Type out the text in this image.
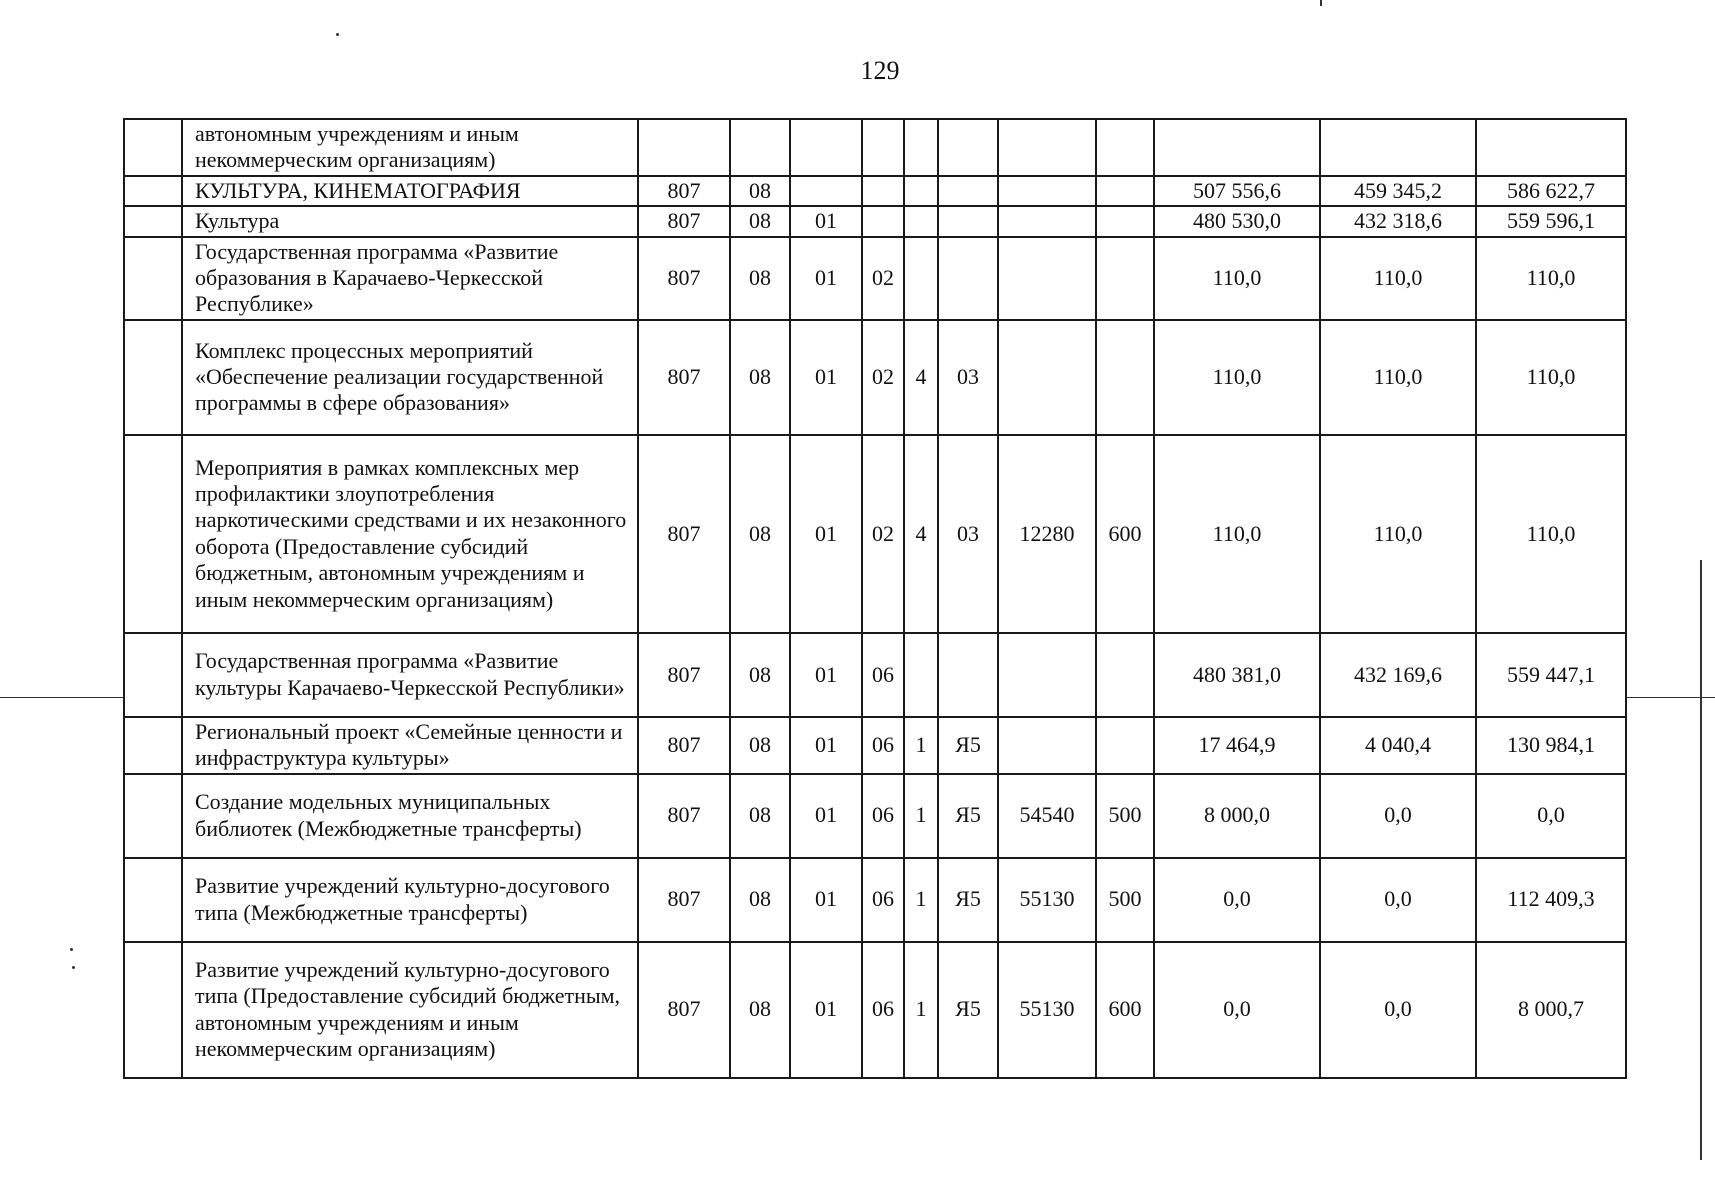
129
	автономным учреждениям и иным некоммерческим организациям)											
	КУЛЬТУРА, КИНЕМАТОГРАФИЯ	807	08							507 556,6	459 345,2	586 622,7
	Культура	807	08	01						480 530,0	432 318,6	559 596,1
	Государственная программа «Развитие образования в Карачаево-Черкесской Республике»	807	08	01	02					110,0	110,0	110,0
	Комплекс процессных мероприятий «Обеспечение реализации государственной программы в сфере образования»	807	08	01	02	4	03			110,0	110,0	110,0
	Мероприятия в рамках комплексных мер профилактики злоупотребления наркотическими средствами и их незаконного оборота (Предоставление субсидий бюджетным, автономным учреждениям и иным некоммерческим организациям)	807	08	01	02	4	03	12280	600	110,0	110,0	110,0
	Государственная программа «Развитие культуры Карачаево-Черкесской Республики»	807	08	01	06					480 381,0	432 169,6	559 447,1
	Региональный проект «Семейные ценности и инфраструктура культуры»	807	08	01	06	1	Я5			17 464,9	4 040,4	130 984,1
	Создание модельных муниципальных библиотек (Межбюджетные трансферты)	807	08	01	06	1	Я5	54540	500	8 000,0	0,0	0,0
	Развитие учреждений культурно-досугового типа (Межбюджетные трансферты)	807	08	01	06	1	Я5	55130	500	0,0	0,0	112 409,3
	Развитие учреждений культурно-досугового типа (Предоставление субсидий бюджетным, автономным учреждениям и иным некоммерческим организациям)	807	08	01	06	1	Я5	55130	600	0,0	0,0	8 000,7
